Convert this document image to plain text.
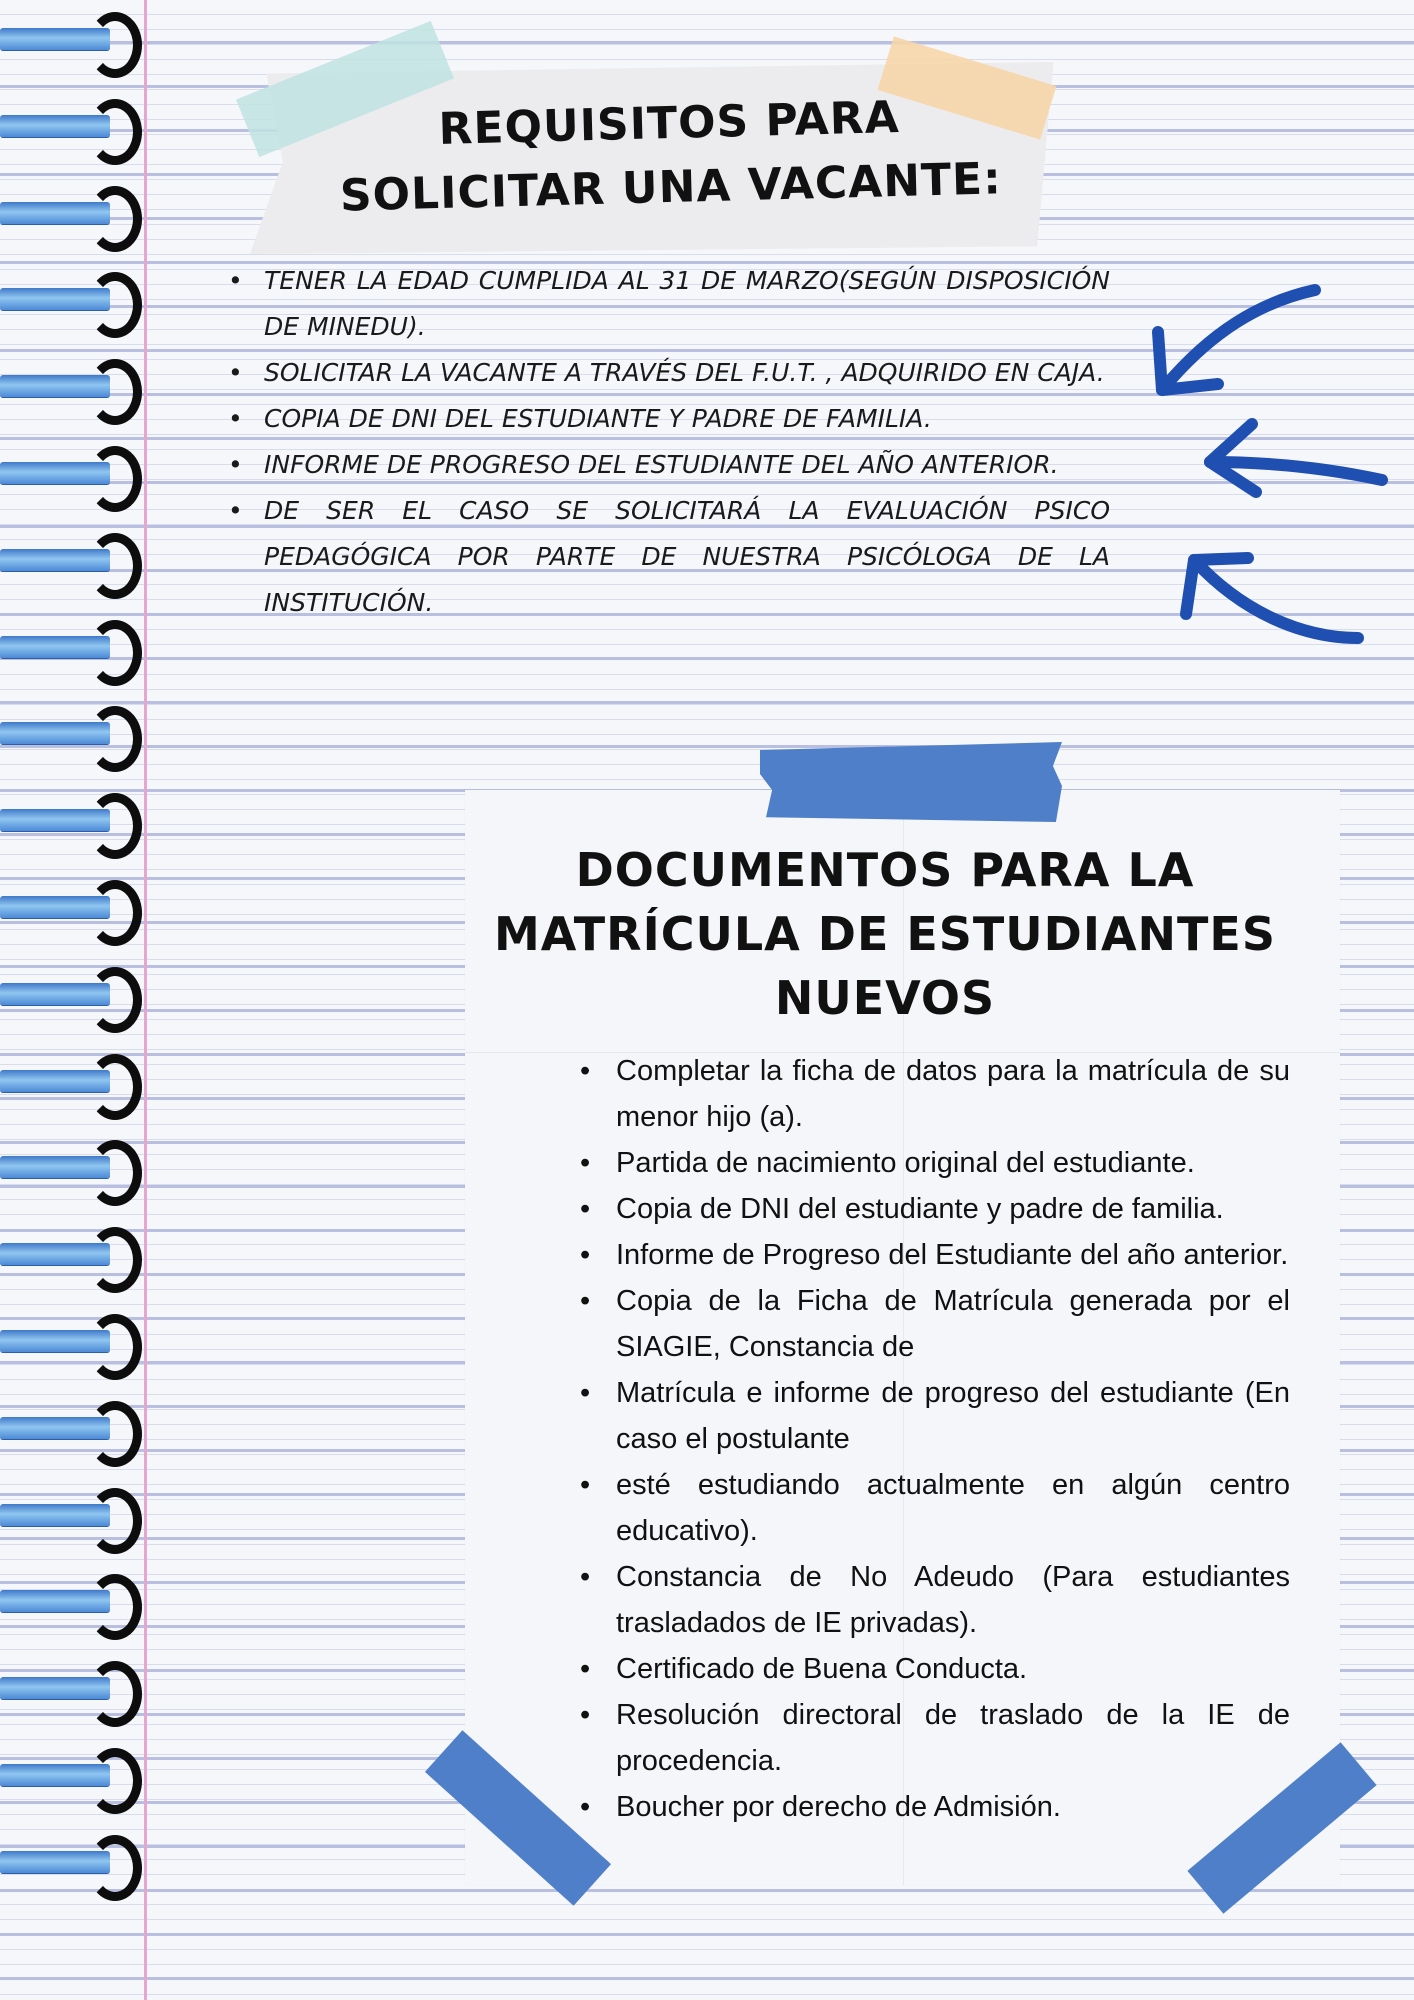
REQUISITOS PARA
SOLICITAR UNA VACANTE:
• TENER LA EDAD CUMPLIDA AL 31 DE MARZO(SEGÚN DISPOSICIÓN DE MINEDU).
• SOLICITAR LA VACANTE A TRAVÉS DEL F.U.T. , ADQUIRIDO EN CAJA.
• COPIA DE DNI DEL ESTUDIANTE Y PADRE DE FAMILIA.
• INFORME DE PROGRESO DEL ESTUDIANTE DEL AÑO ANTERIOR.
• DE SER EL CASO SE SOLICITARÁ LA EVALUACIÓN PSICO PEDAGÓGICA POR PARTE DE NUESTRA PSICÓLOGA DE LA INSTITUCIÓN.
DOCUMENTOS PARA LA
MATRÍCULA DE ESTUDIANTES
NUEVOS
• Completar la ficha de datos para la matrícula de su menor hijo (a).
• Partida de nacimiento original del estudiante.
• Copia de DNI del estudiante y padre de familia.
• Informe de Progreso del Estudiante del año anterior.
• Copia de la Ficha de Matrícula generada por el SIAGIE, Constancia de
• Matrícula e informe de progreso del estudiante (En caso el postulante
• esté estudiando actualmente en algún centro educativo).
• Constancia de No Adeudo (Para estudiantes trasladados de IE privadas).
• Certificado de Buena Conducta.
• Resolución directoral de traslado de la IE de procedencia.
• Boucher por derecho de Admisión.
